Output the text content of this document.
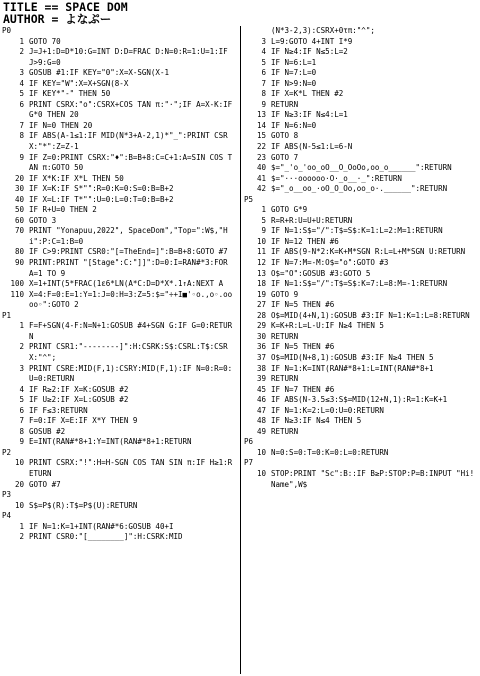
TITLE == SPACE DOM
AUTHOR = よなぷー
P0
1 GOTO 70
2 J=J+1:D=D*10:G=INT D:D=FRAC D:N=0:R=1:U=1:IF J>9:G=0
3 GOSUB #1:IF KEY="0":X=X-SGN(X-1
4 IF KEY="W":X=X+SGN(8-X
5 IF KEY*"-" THEN 50
6 PRINT CSRX:"o":CSRX+COS TAN π:"·";IF A=X-K:IF G*0 THEN 20
7 IF N=0 THEN 20
8 IF ABS(A-1≤1:IF MID(N*3+A-2,1)*"_":PRINT CSRX:"*":Z=Z-1
9 IF Z=0:PRINT CSRX:"♦":B=B+8:C=C+1:A=SIN COS TAN π:GOTO 50
20 IF X*K:IF X*L THEN 50
30 IF X=K:IF S*"":R=0:K=0:S=0:B=B+2
40 IF X=L:IF T*"":U=0:L=0:T=0:B=B+2
50 IF R+U=0 THEN 2
60 GOTO 3
70 PRINT "Yonapuu,2022", SpaceDom","Top=":W$,"Hi":P:C=1:B=0
80 IF C>9:PRINT CSR0:"[=TheEnd=]":B=B+8:GOTO #7
90 PRINT:PRINT "[Stage":C:"]]":D=0:I=RAN#*3:FOR A=1 TO 9
100 X=1+INT(5*FRAC(1ε6*LN(A*C:D=D*X*.1↑A:NEXT A
110 X=4:F=0:E=1:Y=1:J=0:H=3:Z=5:$="÷+I■'◦o.,o◦.oooo◦":GOTO 2
P1
1 F=F+SGN(4-F:N=N+1:GOSUB #4+SGN G:IF G=0:RETURN
2 PRINT CSR1:"--------]":H:CSRK:S$:CSRL:T$:CSRX:"^";
3 PRINT CSRE:MID(F,1):CSRY:MID(F,1):IF N=0:R=0:U=0:RETURN
4 IF R≥2:IF X=K:GOSUB #2
5 IF U≥2:IF X=L:GOSUB #2
6 IF F≤3:RETURN
7 F=0:IF X=E:IF X*Y THEN 9
8 GOSUB #2
9 E=INT(RAN#*8+1:Y=INT(RAN#*8+1:RETURN
P2
10 PRINT CSRX:"!":H=H-SGN COS TAN SIN π:IF H≥1:RETURN
20 GOTO #7
P3
10 S$=P$(R):T$=P$(U):RETURN
P4
1 IF N=1:K=1+INT(RAN#*6:GOSUB 40+I
2 PRINT CSR0:"[________]":H:CSRK:MID
(N*3-2,3):CSRX+0τπ:"^";
3 L=9:GOTO 4+INT I*9
4 IF N≥4:IF N≤5:L=2
5 IF N=6:L=1
6 IF N=7:L=0
7 IF N>9:N=0
8 IF X=K*L THEN #2
9 RETURN
13 IF N≥3:IF N≤4:L=1
14 IF N=6:N=0
15 GOTO 8
22 IF ABS(N-5≤1:L=6-N
23 GOTO 7
40 $="_'o_'oo_oO__O_OoOo,oo_o______":RETURN
41 $="···oooooo·O·_o__·_":RETURN
42 $="_o__oo_·oO_O_Oo,oo_o·.______":RETURN
P5
1 GOTO G*9
5 R=R+R:U=U+U:RETURN
9 IF N=1:S$="/":T$=S$:K=1:L=2:M=1:RETURN
10 IF N=12 THEN #6
11 IF ABS(9-N*2:K=K+M*SGN R:L=L+M*SGN U:RETURN
12 IF N=7:M=-M:O$="o":GOTO #3
13 O$="O":GOSUB #3:GOTO 5
18 IF N=1:S$="/":T$=S$:K=7:L=8:M=-1:RETURN
19 GOTO 9
27 IF N=5 THEN #6
28 O$=MID(4+N,1):GOSUB #3:IF N=1:K=1:L=8:RETURN
29 K=K+R:L=L-U:IF N≥4 THEN 5
30 RETURN
36 IF N=5 THEN #6
37 O$=MID(N+8,1):GOSUB #3:IF N≥4 THEN 5
38 IF N=1:K=INT(RAN#*8+1:L=INT(RAN#*8+1
39 RETURN
45 IF N=7 THEN #6
46 IF ABS(N-3.5≤3:S$=MID(12+N,1):R=1:K=K+1
47 IF N=1:K=2:L=0:U=0:RETURN
48 IF N≥3:IF N≤4 THEN 5
49 RETURN
P6
10 N=0:S=0:T=0:K=0:L=0:RETURN
P7
10 STOP:PRINT "Sc":B::IF B≥P:STOP:P=B:INPUT "Hi!Name",W$
